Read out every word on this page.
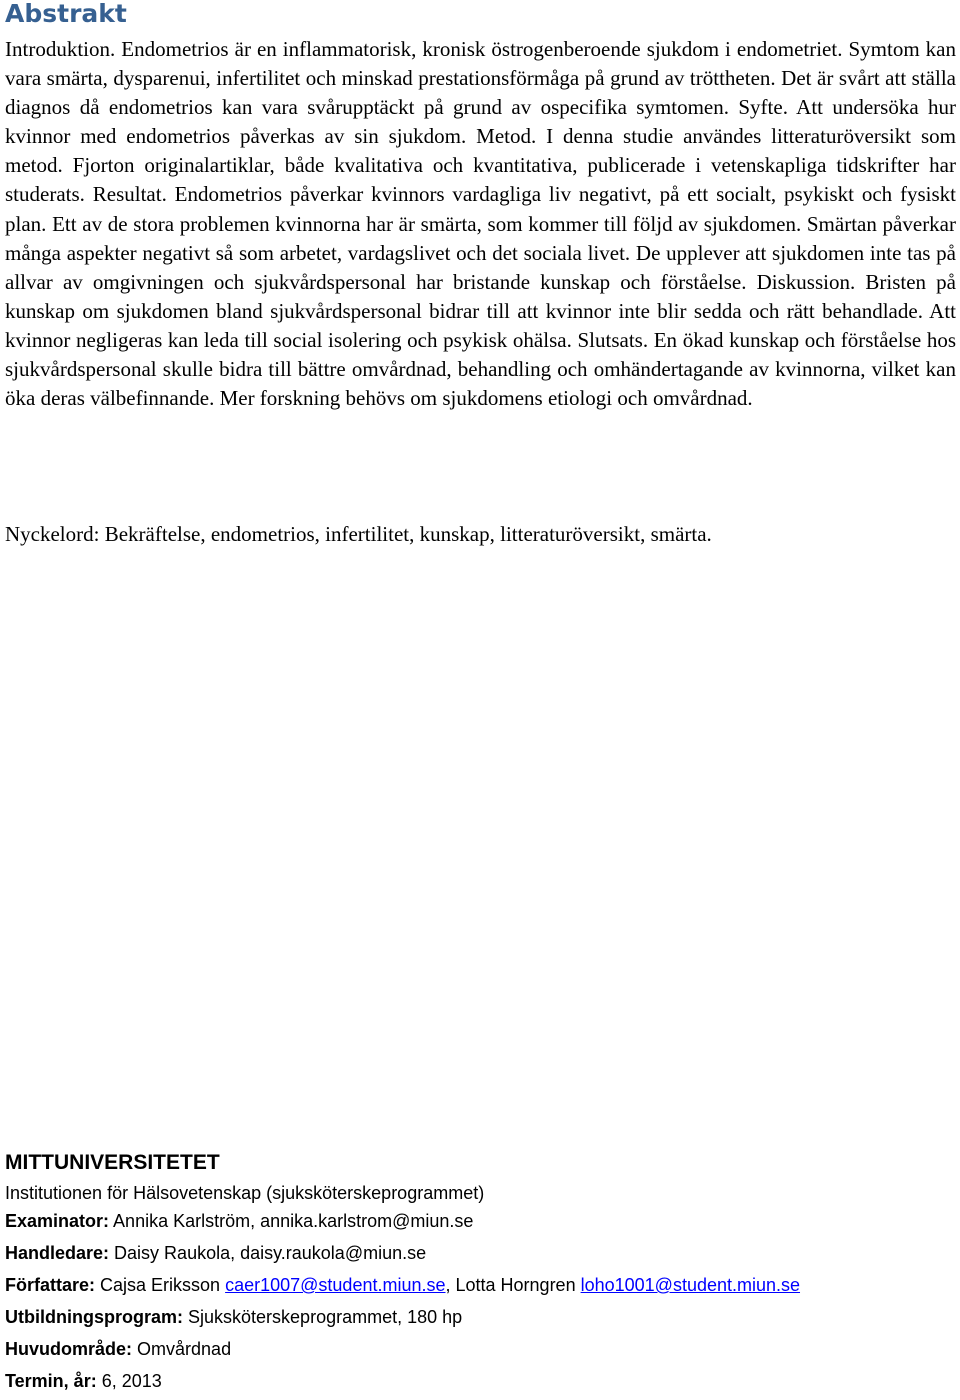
Abstrakt

Introduktion. Endometrios är en inflammatorisk, kronisk östrogenberoende sjukdom i endometriet. Symtom kan vara smärta, dysparenui, infertilitet och minskad prestationsförmåga på grund av tröttheten. Det är svårt att ställa diagnos då endometrios kan vara svårupptäckt på grund av ospecifika symtomen. Syfte. Att undersöka hur kvinnor med endometrios påverkas av sin sjukdom. Metod. I denna studie användes litteraturöversikt som metod. Fjorton originalartiklar, både kvalitativa och kvantitativa, publicerade i vetenskapliga tidskrifter har studerats. Resultat. Endometrios påverkar kvinnors vardagliga liv negativt, på ett socialt, psykiskt och fysiskt plan. Ett av de stora problemen kvinnorna har är smärta, som kommer till följd av sjukdomen. Smärtan påverkar många aspekter negativt så som arbetet, vardagslivet och det sociala livet. De upplever att sjukdomen inte tas på allvar av omgivningen och sjukvårdspersonal har bristande kunskap och förståelse. Diskussion. Bristen på kunskap om sjukdomen bland sjukvårdspersonal bidrar till att kvinnor inte blir sedda och rätt behandlade. Att kvinnor negligeras kan leda till social isolering och psykisk ohälsa. Slutsats. En ökad kunskap och förståelse hos sjukvårdspersonal skulle bidra till bättre omvårdnad, behandling och omhändertagande av kvinnorna, vilket kan öka deras välbefinnande. Mer forskning behövs om sjukdomens etiologi och omvårdnad.

Nyckelord: Bekräftelse, endometrios, infertilitet, kunskap, litteraturöversikt, smärta.

MITTUNIVERSITETET
Institutionen för Hälsovetenskap (sjuksköterskeprogrammet)
Examinator: Annika Karlström, annika.karlstrom@miun.se
Handledare: Daisy Raukola, daisy.raukola@miun.se
Författare: Cajsa Eriksson caer1007@student.miun.se, Lotta Horngren loho1001@student.miun.se
Utbildningsprogram: Sjuksköterskeprogrammet, 180 hp
Huvudområde: Omvårdnad
Termin, år: 6, 2013
